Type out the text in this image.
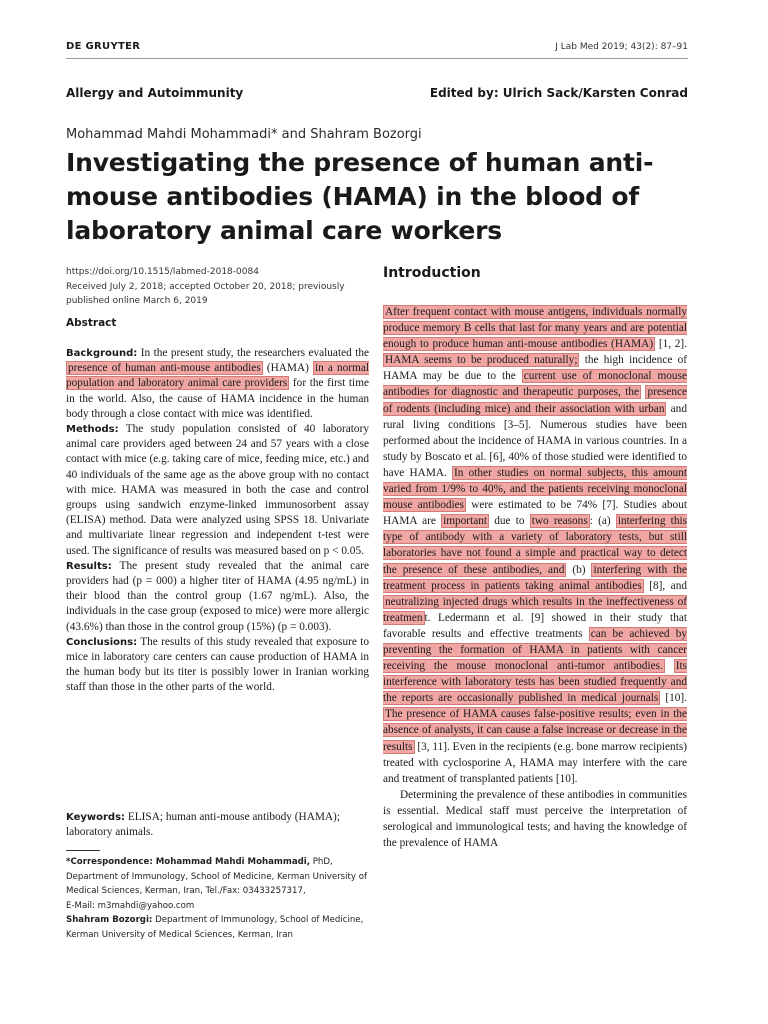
DE GRUYTER	J Lab Med 2019; 43(2): 87–91
Allergy and Autoimmunity	Edited by: Ulrich Sack/Karsten Conrad
Mohammad Mahdi Mohammadi* and Shahram Bozorgi
Investigating the presence of human anti-mouse antibodies (HAMA) in the blood of laboratory animal care workers
https://doi.org/10.1515/labmed-2018-0084
Received July 2, 2018; accepted October 20, 2018; previously
published online March 6, 2019
Abstract

Background: In the present study, the researchers evaluated the presence of human anti-mouse antibodies (HAMA) in a normal population and laboratory animal care providers for the first time in the world. Also, the cause of HAMA incidence in the human body through a close contact with mice was identified.

Methods: The study population consisted of 40 laboratory animal care providers aged between 24 and 57 years with a close contact with mice (e.g. taking care of mice, feeding mice, etc.) and 40 individuals of the same age as the above group with no contact with mice. HAMA was measured in both the case and control groups using sandwich enzyme-linked immunosorbent assay (ELISA) method. Data were analyzed using SPSS 18. Univariate and multivariate linear regression and independent t-test were used. The significance of results was measured based on p < 0.05.

Results: The present study revealed that the animal care providers had (p = 000) a higher titer of HAMA (4.95 ng/mL) in their blood than the control group (1.67 ng/mL). Also, the individuals in the case group (exposed to mice) were more allergic (43.6%) than those in the control group (15%) (p = 0.003).

Conclusions: The results of this study revealed that exposure to mice in laboratory care centers can cause production of HAMA in the human body but its titer is possibly lower in Iranian working staff than those in the other parts of the world.

Keywords: ELISA; human anti-mouse antibody (HAMA); laboratory animals.

*Correspondence: Mohammad Mahdi Mohammadi, PhD, Department of Immunology, School of Medicine, Kerman University of Medical Sciences, Kerman, Iran, Tel./Fax: 03433257317,

E-Mail: m3mahdi@yahoo.com

Shahram Bozorgi: Department of Immunology, School of Medicine, Kerman University of Medical Sciences, Kerman, Iran

Introduction

After frequent contact with mouse antigens, individuals normally produce memory B cells that last for many years and are potential enough to produce human anti-mouse antibodies (HAMA) [1, 2]. HAMA seems to be produced naturally; the high incidence of HAMA may be due to the current use of monoclonal mouse antibodies for diagnostic and therapeutic purposes, the presence of rodents (including mice) and their association with urban and rural living conditions [3–5]. Numerous studies have been performed about the incidence of HAMA in various countries. In a study by Boscato et al. [6], 40% of those studied were identified to have HAMA. In other studies on normal subjects, this amount varied from 1/9% to 40%, and the patients receiving monoclonal mouse antibodies were estimated to be 74% [7]. Studies about HAMA are important due to two reasons : (a) interfering this type of antibody with a variety of laboratory tests, but still laboratories have not found a simple and practical way to detect the presence of these antibodies, and (b) interfering with the treatment process in patients taking animal antibodies [8], and neutralizing injected drugs which results in the ineffectiveness of treatmen t. Ledermann et al. [9] showed in their study that favorable results and effective treatments can be achieved by preventing the formation of HAMA in patients with cancer receiving the mouse monoclonal anti-tumor antibodies. Its interference with laboratory tests has been studied frequently and the reports are occasionally published in medical journals [10]. The presence of HAMA causes false-positive results; even in the absence of analysts, it can cause a false increase or decrease in the results [3, 11]. Even in the recipients (e.g. bone marrow recipients) treated with cyclosporine A, HAMA may interfere with the care and treatment of transplanted patients [10].

Determining the prevalence of these antibodies in communities is essential. Medical staff must perceive the interpretation of serological and immunological tests; and having the knowledge of the prevalence of HAMA
